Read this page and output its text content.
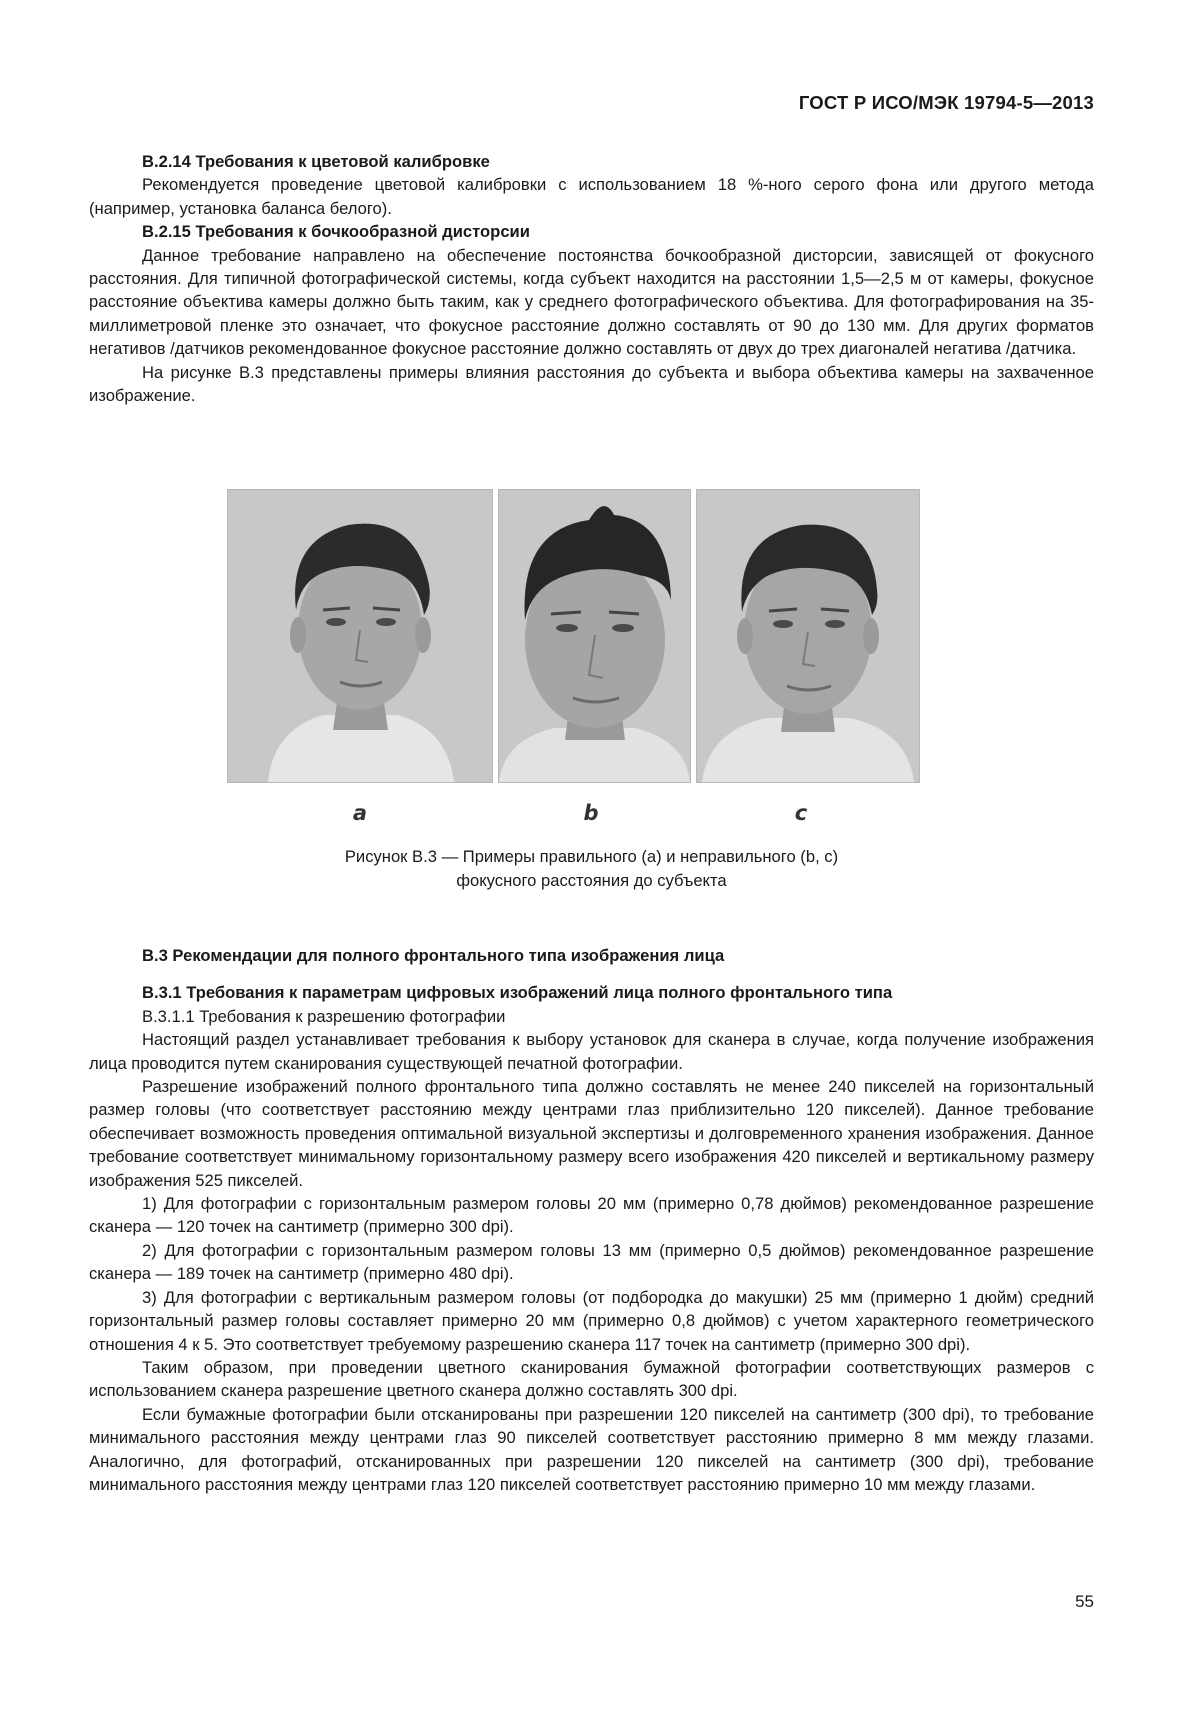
ГОСТ Р ИСО/МЭК 19794-5—2013
В.2.14 Требования к цветовой калибровке

Рекомендуется проведение цветовой калибровки с использованием 18 %-ного серого фона или другого метода (например, установка баланса белого).

В.2.15 Требования к бочкообразной дисторсии

Данное требование направлено на обеспечение постоянства бочкообразной дисторсии, зависящей от фокусного расстояния. Для типичной фотографической системы, когда субъект находится на расстоянии 1,5—2,5 м от камеры, фокусное расстояние объектива камеры должно быть таким, как у среднего фотографического объектива. Для фотографирования на 35-миллиметровой пленке это означает, что фокусное расстояние должно составлять от 90 до 130 мм. Для других форматов негативов /датчиков рекомендованное фокусное расстояние должно составлять от двух до трех диагоналей негатива /датчика.

На рисунке В.3 представлены примеры влияния расстояния до субъекта и выбора объектива камеры на захваченное изображение.

a	b	c
Рисунок В.3 — Примеры правильного (a) и неправильного (b, c)
фокусного расстояния до субъекта
В.3 Рекомендации для полного фронтального типа изображения лица
В.3.1 Требования к параметрам цифровых изображений лица полного фронтального типа

В.3.1.1 Требования к разрешению фотографии

Настоящий раздел устанавливает требования к выбору установок для сканера в случае, когда получение изображения лица проводится путем сканирования существующей печатной фотографии.

Разрешение изображений полного фронтального типа должно составлять не менее 240 пикселей на горизонтальный размер головы (что соответствует расстоянию между центрами глаз приблизительно 120 пикселей). Данное требование обеспечивает возможность проведения оптимальной визуальной экспертизы и долговременного хранения изображения. Данное требование соответствует минимальному горизонтальному размеру всего изображения 420 пикселей и вертикальному размеру изображения 525 пикселей.

1) Для фотографии с горизонтальным размером головы 20 мм (примерно 0,78 дюймов) рекомендованное разрешение сканера — 120 точек на сантиметр (примерно 300 dpi).

2) Для фотографии с горизонтальным размером головы 13 мм (примерно 0,5 дюймов) рекомендованное разрешение сканера — 189 точек на сантиметр (примерно 480 dpi).

3) Для фотографии с вертикальным размером головы (от подбородка до макушки) 25 мм (примерно 1 дюйм) средний горизонтальный размер головы составляет примерно 20 мм (примерно 0,8 дюймов) с учетом характерного геометрического отношения 4 к 5. Это соответствует требуемому разрешению сканера 117 точек на сантиметр (примерно 300 dpi).

Таким образом, при проведении цветного сканирования бумажной фотографии соответствующих размеров с использованием сканера разрешение цветного сканера должно составлять 300 dpi.

Если бумажные фотографии были отсканированы при разрешении 120 пикселей на сантиметр (300 dpi), то требование минимального расстояния между центрами глаз 90 пикселей соответствует расстоянию примерно 8 мм между глазами. Аналогично, для фотографий, отсканированных при разрешении 120 пикселей на сантиметр (300 dpi), требование минимального расстояния между центрами глаз 120 пикселей соответствует расстоянию примерно 10 мм между глазами.

55
